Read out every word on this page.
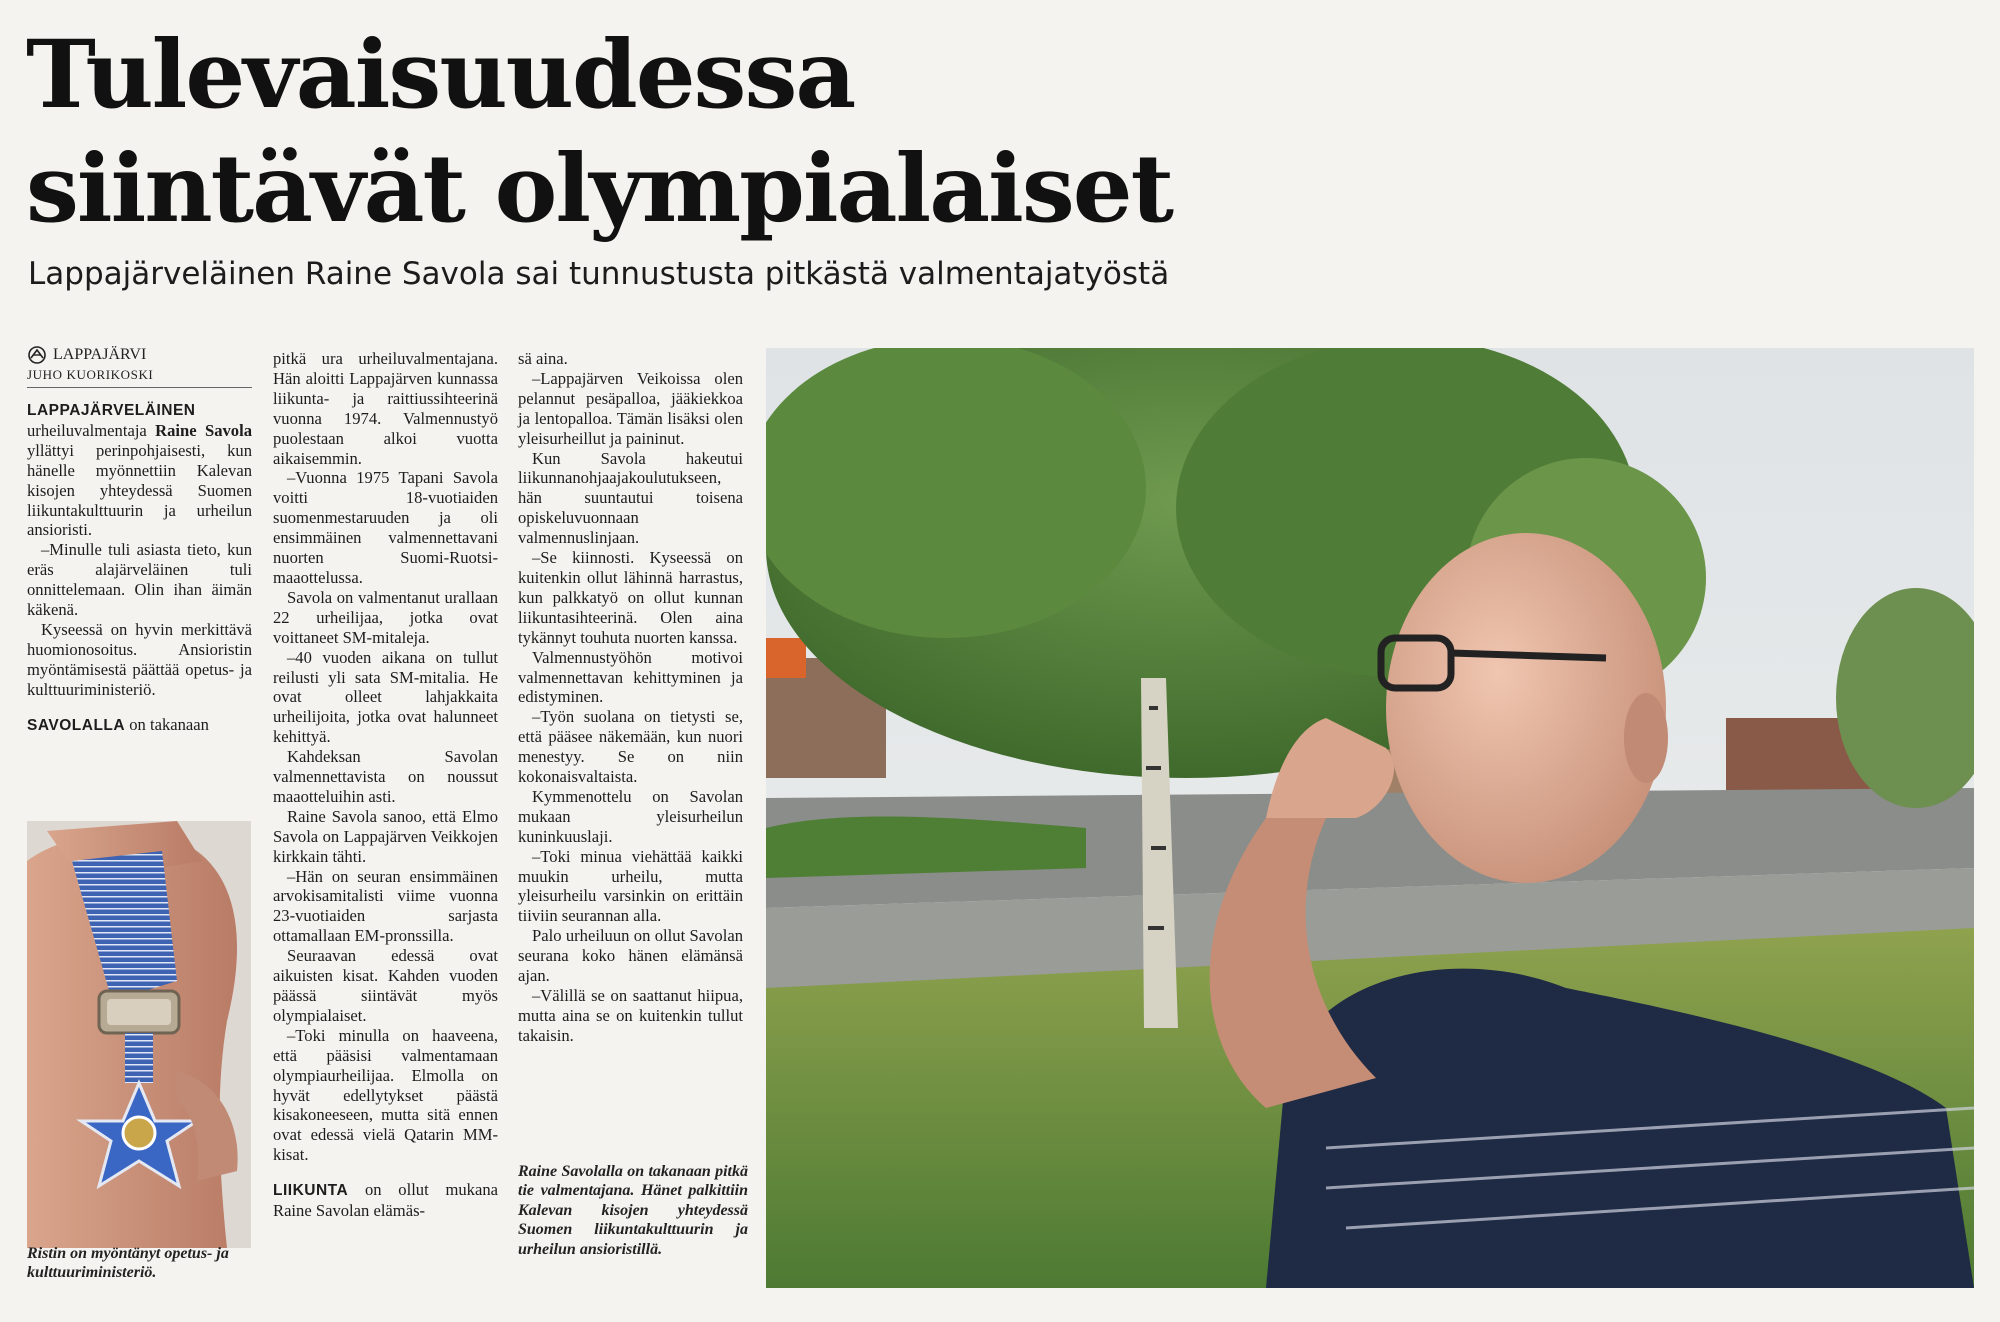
Tulevaisuudessa
siintävät olympialaiset
Lappajärveläinen Raine Savola sai tunnustusta pitkästä valmentajatyöstä
LAPPAJÄRVI
JUHO KUORIKOSKI

LAPPAJÄRVELÄINEN urheiluvalmentaja Raine Savola yllättyi perinpohjaisesti, kun hänelle myönnettiin Kalevan kisojen yhteydessä Suomen liikuntakulttuurin ja urheilun ansioristi.

–Minulle tuli asiasta tieto, kun eräs alajärveläinen tuli onnittelemaan. Olin ihan äimän käkenä.

Kyseessä on hyvin merkittävä huomionosoitus. Ansioristin myöntämisestä päättää opetus- ja kulttuuriministeriö.

SAVOLALLA on takanaan

Ristin on myöntänyt opetus- ja kulttuuriministeriö.

pitkä ura urheiluvalmentajana. Hän aloitti Lappajärven kunnassa liikunta- ja raittiussihteerinä vuonna 1974. Valmennustyö puolestaan alkoi vuotta aikaisemmin.

–Vuonna 1975 Tapani Savola voitti 18-vuotiaiden suomenmestaruuden ja oli ensimmäinen valmennettavani nuorten Suomi-Ruotsi-maaottelussa.

Savola on valmentanut urallaan 22 urheilijaa, jotka ovat voittaneet SM-mitaleja.

–40 vuoden aikana on tullut reilusti yli sata SM-mitalia. He ovat olleet lahjakkaita urheilijoita, jotka ovat halunneet kehittyä.

Kahdeksan Savolan valmennettavista on noussut maaotteluihin asti.

Raine Savola sanoo, että Elmo Savola on Lappajärven Veikkojen kirkkain tähti.

–Hän on seuran ensimmäinen arvokisamitalisti viime vuonna 23-vuotiaiden sarjasta ottamallaan EM-pronssilla.

Seuraavan edessä ovat aikuisten kisat. Kahden vuoden päässä siintävät myös olympialaiset.

–Toki minulla on haaveena, että pääsisi valmentamaan olympiaurheilijaa. Elmolla on hyvät edellytykset päästä kisakoneeseen, mutta sitä ennen ovat edessä vielä Qatarin MM-kisat.

LIIKUNTA on ollut mukana Raine Savolan elämäs-

sä aina.

–Lappajärven Veikoissa olen pelannut pesäpalloa, jääkiekkoa ja lentopalloa. Tämän lisäksi olen yleisurheillut ja paininut.

Kun Savola hakeutui liikunnanohjaajakoulutukseen, hän suuntautui toisena opiskeluvuonnaan valmennuslinjaan.

–Se kiinnosti. Kyseessä on kuitenkin ollut lähinnä harrastus, kun palkkatyö on ollut kunnan liikuntasihteerinä. Olen aina tykännyt touhuta nuorten kanssa.

Valmennustyöhön motivoi valmennettavan kehittyminen ja edistyminen.

–Työn suolana on tietysti se, että pääsee näkemään, kun nuori menestyy. Se on niin kokonaisvaltaista.

Kymmenottelu on Savolan mukaan yleisurheilun kuninkuuslaji.

–Toki minua viehättää kaikki muukin urheilu, mutta yleisurheilu varsinkin on erittäin tiiviin seurannan alla.

Palo urheiluun on ollut Savolan seurana koko hänen elämänsä ajan.

–Välillä se on saattanut hiipua, mutta aina se on kuitenkin tullut takaisin.

Raine Savolalla on takanaan pitkä tie valmentajana. Hänet palkittiin Kalevan kisojen yhteydessä Suomen liikuntakulttuurin ja urheilun ansioristillä.
